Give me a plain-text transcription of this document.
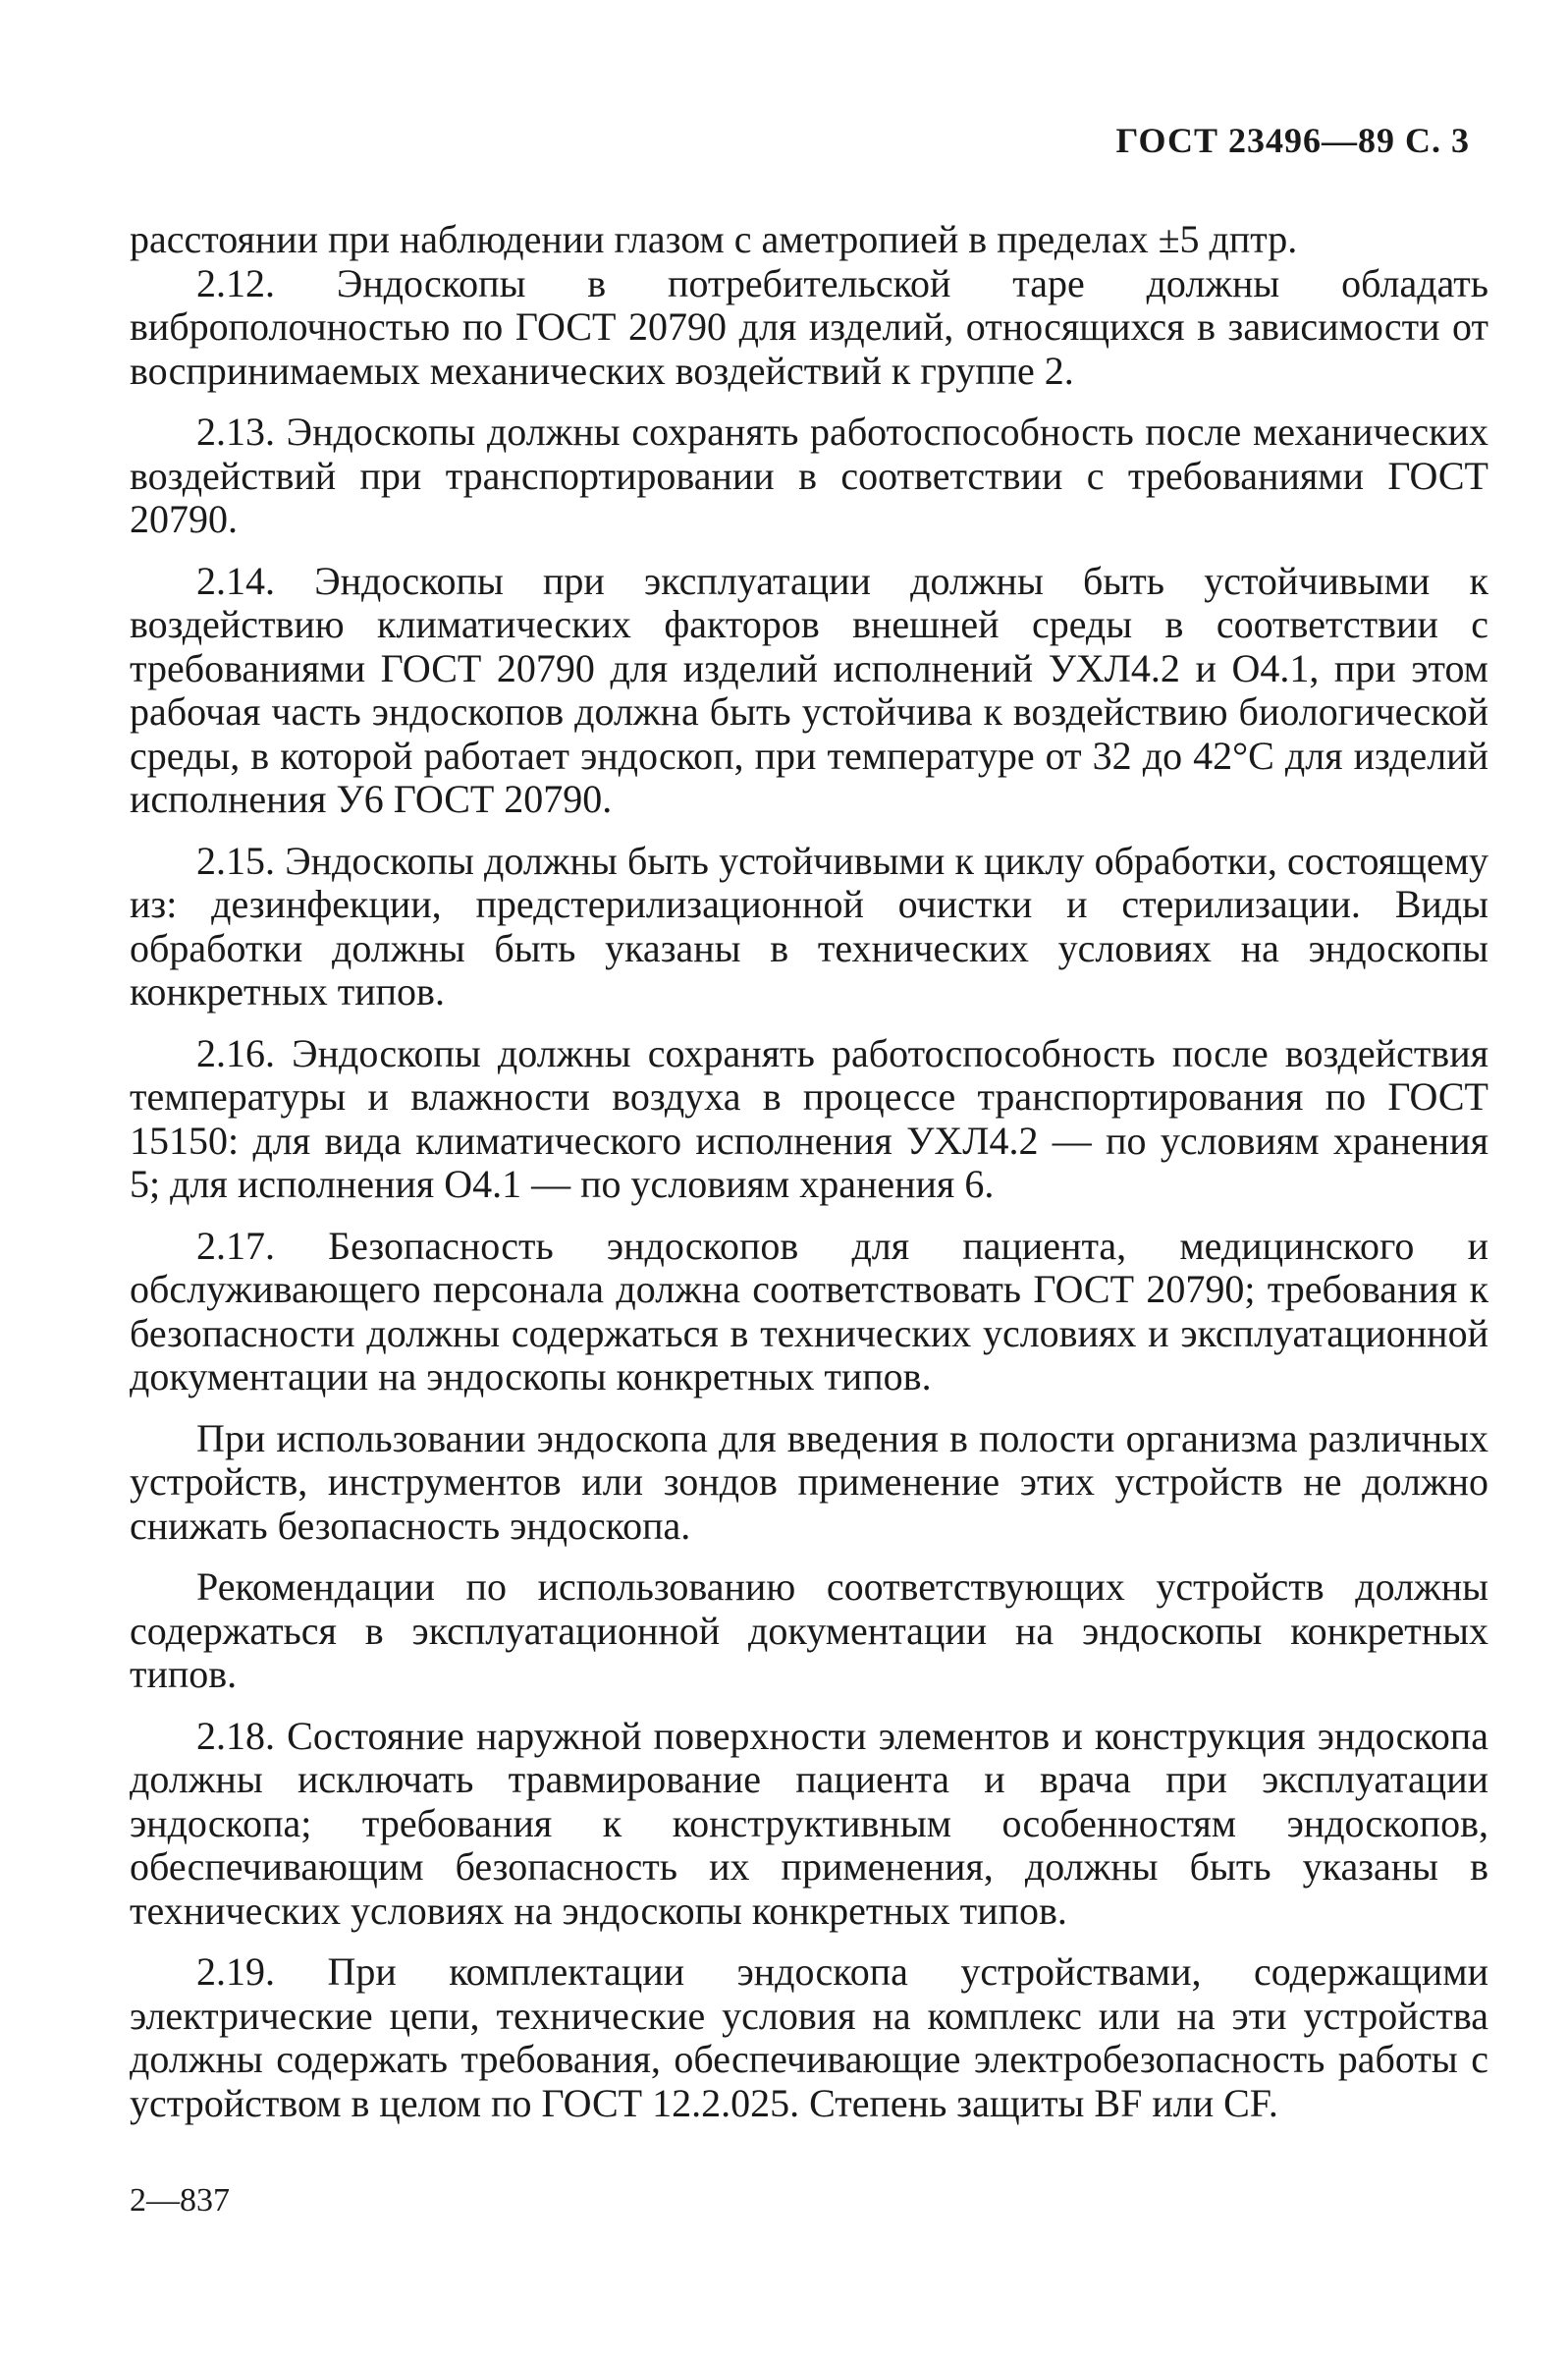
ГОСТ 23496—89 С. 3

расстоянии при наблюдении глазом с аметропией в пределах ±5 дптр.

2.12. Эндоскопы в потребительской таре должны обладать виброполочностью по ГОСТ 20790 для изделий, относящихся в зависимости от воспринимаемых механических воздействий к группе 2.

2.13. Эндоскопы должны сохранять работоспособность после механических воздействий при транспортировании в соответствии с требованиями ГОСТ 20790.

2.14. Эндоскопы при эксплуатации должны быть устойчивыми к воздействию климатических факторов внешней среды в соответствии с требованиями ГОСТ 20790 для изделий исполнений УХЛ4.2 и О4.1, при этом рабочая часть эндоскопов должна быть устойчива к воздействию биологической среды, в которой работает эндоскоп, при температуре от 32 до 42°С для изделий исполнения У6 ГОСТ 20790.

2.15. Эндоскопы должны быть устойчивыми к циклу обработки, состоящему из: дезинфекции, предстерилизационной очистки и стерилизации. Виды обработки должны быть указаны в технических условиях на эндоскопы конкретных типов.

2.16. Эндоскопы должны сохранять работоспособность после воздействия температуры и влажности воздуха в процессе транспортирования по ГОСТ 15150: для вида климатического исполнения УХЛ4.2 — по условиям хранения 5; для исполнения О4.1 — по условиям хранения 6.

2.17. Безопасность эндоскопов для пациента, медицинского и обслуживающего персонала должна соответствовать ГОСТ 20790; требования к безопасности должны содержаться в технических условиях и эксплуатационной документации на эндоскопы конкретных типов.

При использовании эндоскопа для введения в полости организма различных устройств, инструментов или зондов применение этих устройств не должно снижать безопасность эндоскопа.

Рекомендации по использованию соответствующих устройств должны содержаться в эксплуатационной документации на эндоскопы конкретных типов.

2.18. Состояние наружной поверхности элементов и конструкция эндоскопа должны исключать травмирование пациента и врача при эксплуатации эндоскопа; требования к конструктивным особенностям эндоскопов, обеспечивающим безопасность их применения, должны быть указаны в технических условиях на эндоскопы конкретных типов.

2.19. При комплектации эндоскопа устройствами, содержащими электрические цепи, технические условия на комплекс или на эти устройства должны содержать требования, обеспечивающие электробезопасность работы с устройством в целом по ГОСТ 12.2.025. Степень защиты BF или CF.

2—837
